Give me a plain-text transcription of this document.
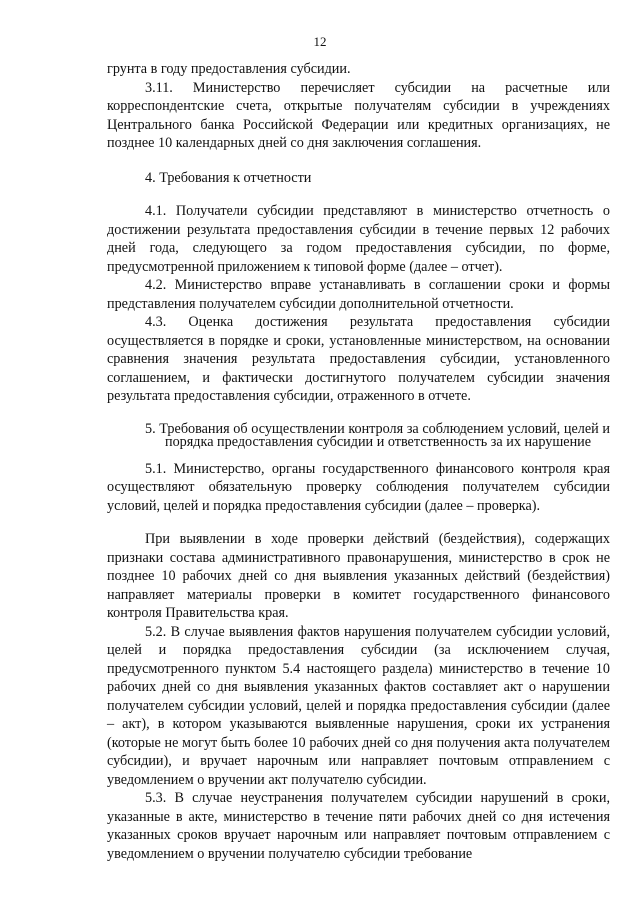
12

грунта в году предоставления субсидии.

3.11. Министерство перечисляет субсидии на расчетные или корреспондентские счета, открытые получателям субсидии в учреждениях Центрального банка Российской Федерации или кредитных организациях, не позднее 10 календарных дней со дня заключения соглашения.

4. Требования к отчетности

4.1. Получатели субсидии представляют в министерство отчетность о достижении результата предоставления субсидии в течение первых 12 рабочих дней года, следующего за годом предоставления субсидии, по форме, предусмотренной приложением к типовой форме (далее – отчет).

4.2. Министерство вправе устанавливать в соглашении сроки и формы представления получателем субсидии дополнительной отчетности.

4.3. Оценка достижения результата предоставления субсидии осуществляется в порядке и сроки, установленные министерством, на основании сравнения значения результата предоставления субсидии, установленного соглашением, и фактически достигнутого получателем субсидии значения результата предоставления субсидии, отраженного в отчете.

5. Требования об осуществлении контроля за соблюдением условий, целей и порядка предоставления субсидии и ответственность за их нарушение

5.1. Министерство, органы государственного финансового контроля края осуществляют обязательную проверку соблюдения получателем субсидии условий, целей и порядка предоставления субсидии (далее – проверка).

При выявлении в ходе проверки действий (бездействия), содержащих признаки состава административного правонарушения, министерство в срок не позднее 10 рабочих дней со дня выявления указанных действий (бездействия) направляет материалы проверки в комитет государственного финансового контроля Правительства края.

5.2. В случае выявления фактов нарушения получателем субсидии условий, целей и порядка предоставления субсидии (за исключением случая, предусмотренного пунктом 5.4 настоящего раздела) министерство в течение 10 рабочих дней со дня выявления указанных фактов составляет акт о нарушении получателем субсидии условий, целей и порядка предоставления субсидии (далее – акт), в котором указываются выявленные нарушения, сроки их устранения (которые не могут быть более 10 рабочих дней со дня получения акта получателем субсидии), и вручает нарочным или направляет почтовым отправлением с уведомлением о вручении акт получателю субсидии.

5.3. В случае неустранения получателем субсидии нарушений в сроки, указанные в акте, министерство в течение пяти рабочих дней со дня истечения указанных сроков вручает нарочным или направляет почтовым отправлением с уведомлением о вручении получателю субсидии требование
